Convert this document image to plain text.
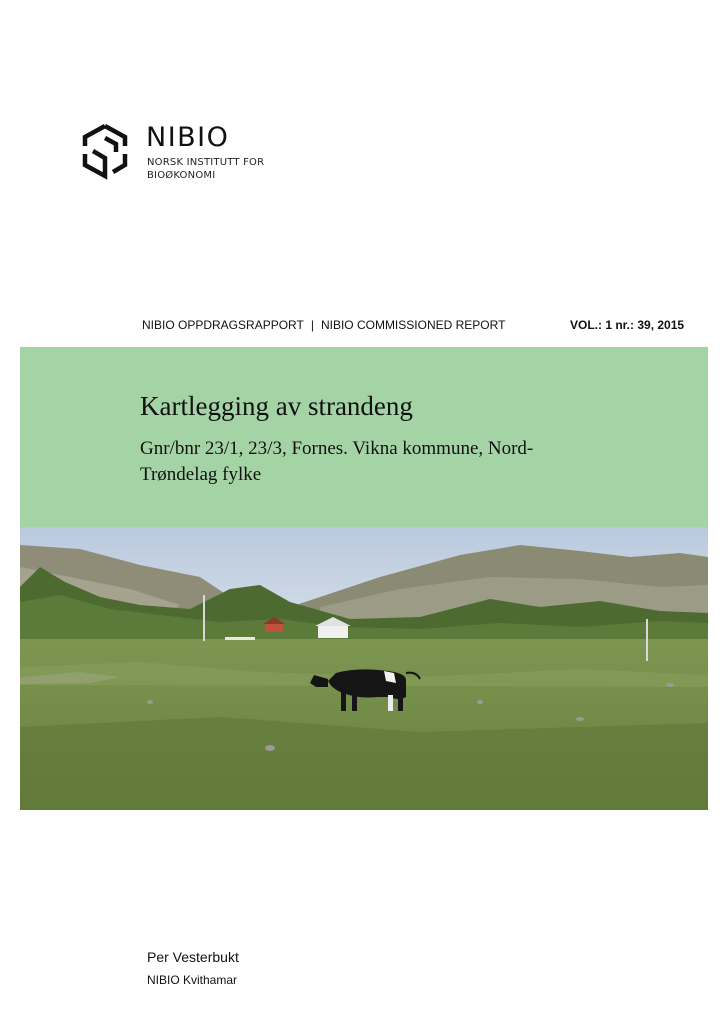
NIBIO
NORSK INSTITUTT FOR
BIOØKONOMI
NIBIO OPPDRAGSRAPPORT | NIBIO COMMISSIONED REPORT	VOL.: 1 nr.: 39, 2015
Kartlegging av strandeng

Gnr/bnr 23/1, 23/3, Fornes. Vikna kommune, Nord-Trøndelag fylke

Per Vesterbukt
NIBIO Kvithamar
